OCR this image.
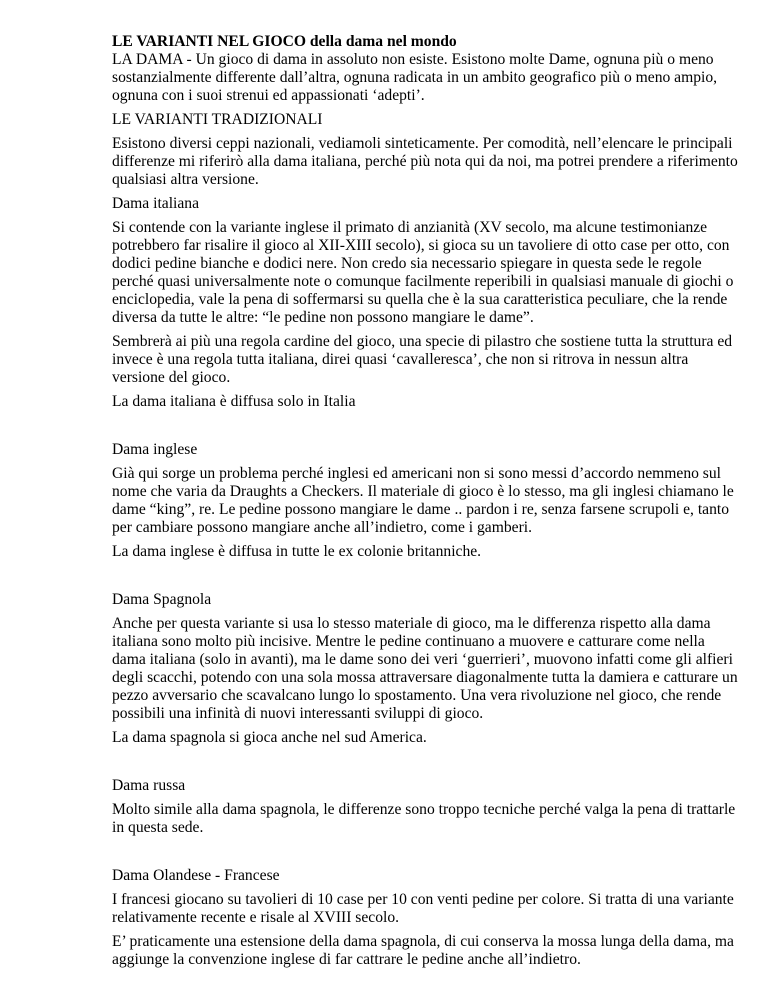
LE VARIANTI NEL GIOCO della dama nel mondo

LA DAMA - Un gioco di dama in assoluto non esiste. Esistono molte Dame, ognuna più o meno sostanzialmente differente dall’altra, ognuna radicata in un ambito geografico più o meno ampio, ognuna con i suoi strenui ed appassionati ‘adepti’.

LE VARIANTI TRADIZIONALI

Esistono diversi ceppi nazionali, vediamoli sinteticamente. Per comodità, nell’elencare le principali differenze mi riferirò alla dama italiana, perché più nota qui da noi, ma potrei prendere a riferimento qualsiasi altra versione.

Dama italiana

Si contende con la variante inglese il primato di anzianità (XV secolo, ma alcune testimonianze potrebbero far risalire il gioco al XII-XIII secolo), si gioca su un tavoliere di otto case per otto, con dodici pedine bianche e dodici nere. Non credo sia necessario spiegare in questa sede le regole perché quasi universalmente note o comunque facilmente reperibili in qualsiasi manuale di giochi o enciclopedia, vale la pena di soffermarsi su quella che è la sua caratteristica peculiare, che la rende diversa da tutte le altre: “le pedine non possono mangiare le dame”.

Sembrerà ai più una regola cardine del gioco, una specie di pilastro che sostiene tutta la struttura ed invece è una regola tutta italiana, direi quasi ‘cavalleresca’, che non si ritrova in nessun altra versione del gioco.

La dama italiana è diffusa solo in Italia

Dama inglese

Già qui sorge un problema perché inglesi ed americani non si sono messi d’accordo nemmeno sul nome che varia da Draughts a Checkers. Il materiale di gioco è lo stesso, ma gli inglesi chiamano le dame “king”, re. Le pedine possono mangiare le dame .. pardon i re, senza farsene scrupoli e, tanto per cambiare possono mangiare anche all’indietro, come i gamberi.

La dama inglese è diffusa in tutte le ex colonie britanniche.

Dama Spagnola

Anche per questa variante si usa lo stesso materiale di gioco, ma le differenza rispetto alla dama italiana sono molto più incisive. Mentre le pedine continuano a muovere e catturare come nella dama italiana (solo in avanti), ma le dame sono dei veri ‘guerrieri’, muovono infatti come gli alfieri degli scacchi, potendo con una sola mossa attraversare diagonalmente tutta la damiera e catturare un pezzo avversario che scavalcano lungo lo spostamento. Una vera rivoluzione nel gioco, che rende possibili una infinità di nuovi interessanti sviluppi di gioco.

La dama spagnola si gioca anche nel sud America.

Dama russa

Molto simile alla dama spagnola, le differenze sono troppo tecniche perché valga la pena di trattarle in questa sede.

Dama Olandese - Francese

I francesi giocano su tavolieri di 10 case per 10 con venti pedine per colore. Si tratta di una variante relativamente recente e risale al XVIII secolo.

E’ praticamente una estensione della dama spagnola, di cui conserva la mossa lunga della dama, ma aggiunge la convenzione inglese di far cattrare le pedine anche all’indietro.
